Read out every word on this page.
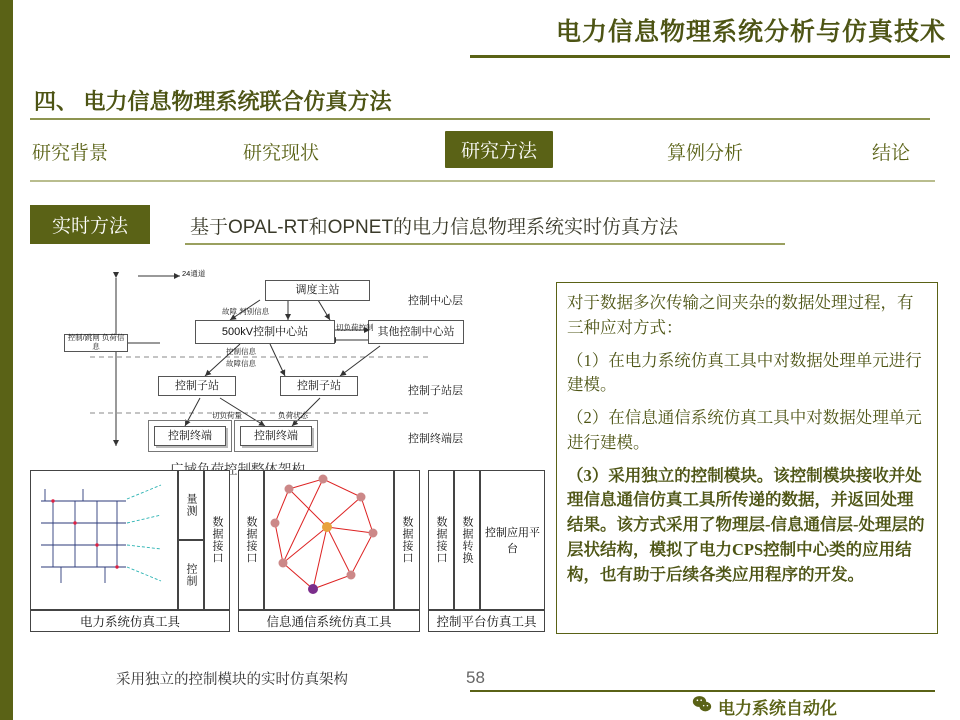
电力信息物理系统分析与仿真技术
四、 电力信息物理系统联合仿真方法
研究背景	研究现状	研究方法	算例分析	结论
实时方法	基于OPAL-RT和OPNET的电力信息物理系统实时仿真方法
调度主站
500kV控制中心站	其他控制中心站
控制子站	控制子站
控制终端	控制终端
控制中心层
控制子站层
控制终端层
24通道
故障 判别信息
切负荷控制
故障信息
控制信息
切负荷量	负荷状态
控制/跳闸 负荷信息
量测
控制
数据接口	数据接口	数据接口	数据接口	数据转换	控制应用平台
电力系统仿真工具	信息通信系统仿真工具	控制平台仿真工具
采用独立的控制模块的实时仿真架构

对于数据多次传输之间夹杂的数据处理过程，有三种应对方式：

（1）在电力系统仿真工具中对数据处理单元进行建模。

（2）在信息通信系统仿真工具中对数据处理单元进行建模。

（3）采用独立的控制模块。该控制模块接收并处理信息通信仿真工具所传递的数据，并返回处理结果。该方式采用了物理层-信息通信层-处理层的层状结构，模拟了电力CPS控制中心类的应用结构，也有助于后续各类应用程序的开发。

58
电力系统自动化
